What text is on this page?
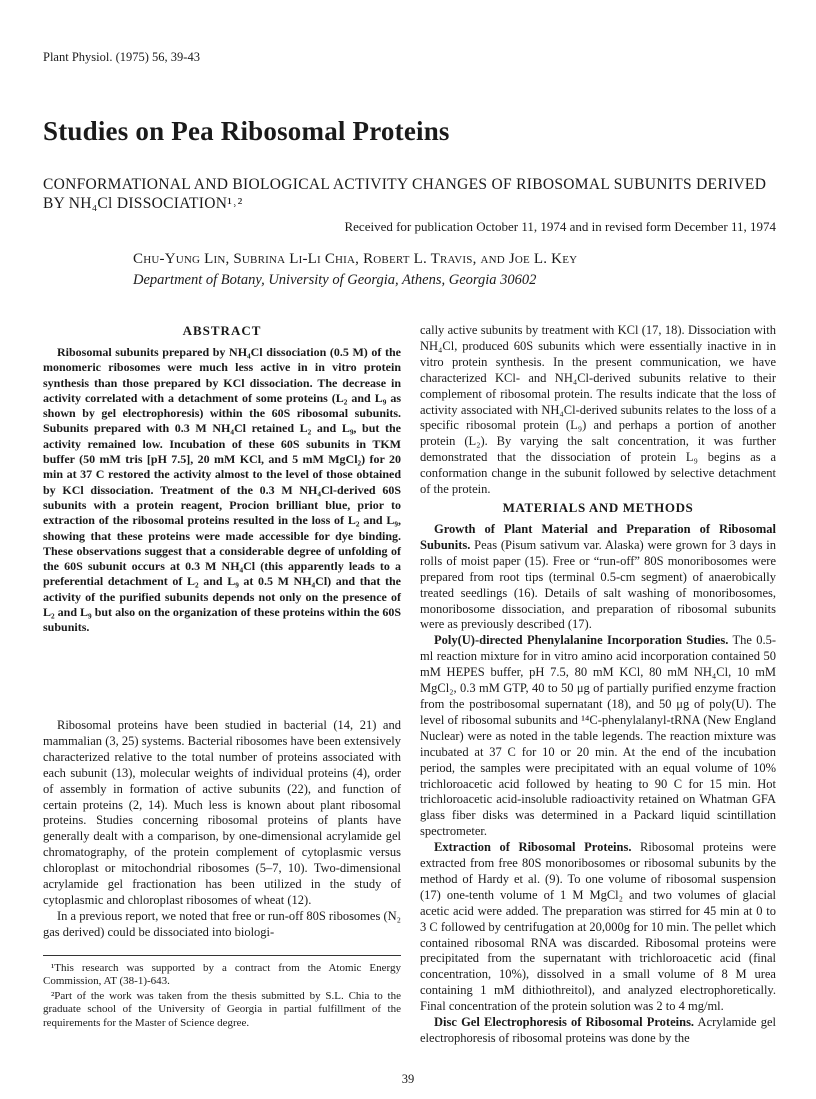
Plant Physiol. (1975) 56, 39-43
Studies on Pea Ribosomal Proteins
CONFORMATIONAL AND BIOLOGICAL ACTIVITY CHANGES OF RIBOSOMAL SUBUNITS DERIVED BY NH₄Cl DISSOCIATION¹˒²
Received for publication October 11, 1974 and in revised form December 11, 1974
Chu-Yung Lin, Subrina Li-Li Chia, Robert L. Travis, and Joe L. Key
Department of Botany, University of Georgia, Athens, Georgia 30602
ABSTRACT

Ribosomal subunits prepared by NH₄Cl dissociation (0.5 M) of the monomeric ribosomes were much less active in in vitro protein synthesis than those prepared by KCl dissociation. The decrease in activity correlated with a detachment of some proteins (L₂ and L₉ as shown by gel electrophoresis) within the 60S ribosomal subunits. Subunits prepared with 0.3 M NH₄Cl retained L₂ and L₉, but the activity remained low. Incubation of these 60S subunits in TKM buffer (50 mM tris [pH 7.5], 20 mM KCl, and 5 mM MgCl₂) for 20 min at 37 C restored the activity almost to the level of those obtained by KCl dissociation. Treatment of the 0.3 M NH₄Cl-derived 60S subunits with a protein reagent, Procion brilliant blue, prior to extraction of the ribosomal proteins resulted in the loss of L₂ and L₉, showing that these proteins were made accessible for dye binding. These observations suggest that a considerable degree of unfolding of the 60S subunit occurs at 0.3 M NH₄Cl (this apparently leads to a preferential detachment of L₂ and L₉ at 0.5 M NH₄Cl) and that the activity of the purified subunits depends not only on the presence of L₂ and L₉ but also on the organization of these proteins within the 60S subunits.

Ribosomal proteins have been studied in bacterial (14, 21) and mammalian (3, 25) systems. Bacterial ribosomes have been extensively characterized relative to the total number of proteins associated with each subunit (13), molecular weights of individual proteins (4), order of assembly in formation of active subunits (22), and function of certain proteins (2, 14). Much less is known about plant ribosomal proteins. Studies concerning ribosomal proteins of plants have generally dealt with a comparison, by one-dimensional acrylamide gel chromatography, of the protein complement of cytoplasmic versus chloroplast or mitochondrial ribosomes (5–7, 10). Two-dimensional acrylamide gel fractionation has been utilized in the study of cytoplasmic and chloroplast ribosomes of wheat (12).

In a previous report, we noted that free or run-off 80S ribosomes (N₂ gas derived) could be dissociated into biologi-

¹This research was supported by a contract from the Atomic Energy Commission, AT (38-1)-643.

²Part of the work was taken from the thesis submitted by S.L. Chia to the graduate school of the University of Georgia in partial fulfillment of the requirements for the Master of Science degree.

cally active subunits by treatment with KCl (17, 18). Dissociation with NH₄Cl, produced 60S subunits which were essentially inactive in in vitro protein synthesis. In the present communication, we have characterized KCl- and NH₄Cl-derived subunits relative to their complement of ribosomal protein. The results indicate that the loss of activity associated with NH₄Cl-derived subunits relates to the loss of a specific ribosomal protein (L₉) and perhaps a portion of another protein (L₂). By varying the salt concentration, it was further demonstrated that the dissociation of protein L₉ begins as a conformation change in the subunit followed by selective detachment of the protein.

MATERIALS AND METHODS

Growth of Plant Material and Preparation of Ribosomal Subunits. Peas (Pisum sativum var. Alaska) were grown for 3 days in rolls of moist paper (15). Free or “run-off” 80S monoribosomes were prepared from root tips (terminal 0.5-cm segment) of anaerobically treated seedlings (16). Details of salt washing of monoribosomes, monoribosome dissociation, and preparation of ribosomal subunits were as previously described (17).

Poly(U)-directed Phenylalanine Incorporation Studies. The 0.5-ml reaction mixture for in vitro amino acid incorporation contained 50 mM HEPES buffer, pH 7.5, 80 mM KCl, 80 mM NH₄Cl, 10 mM MgCl₂, 0.3 mM GTP, 40 to 50 μg of partially purified enzyme fraction from the postribosomal supernatant (18), and 50 μg of poly(U). The level of ribosomal subunits and ¹⁴C-phenylalanyl-tRNA (New England Nuclear) were as noted in the table legends. The reaction mixture was incubated at 37 C for 10 or 20 min. At the end of the incubation period, the samples were precipitated with an equal volume of 10% trichloroacetic acid followed by heating to 90 C for 15 min. Hot trichloroacetic acid-insoluble radioactivity retained on Whatman GFA glass fiber disks was determined in a Packard liquid scintillation spectrometer.

Extraction of Ribosomal Proteins. Ribosomal proteins were extracted from free 80S monoribosomes or ribosomal subunits by the method of Hardy et al. (9). To one volume of ribosomal suspension (17) one-tenth volume of 1 M MgCl₂ and two volumes of glacial acetic acid were added. The preparation was stirred for 45 min at 0 to 3 C followed by centrifugation at 20,000g for 10 min. The pellet which contained ribosomal RNA was discarded. Ribosomal proteins were precipitated from the supernatant with trichloroacetic acid (final concentration, 10%), dissolved in a small volume of 8 M urea containing 1 mM dithiothreitol), and analyzed electrophoretically. Final concentration of the protein solution was 2 to 4 mg/ml.

Disc Gel Electrophoresis of Ribosomal Proteins. Acrylamide gel electrophoresis of ribosomal proteins was done by the

39
